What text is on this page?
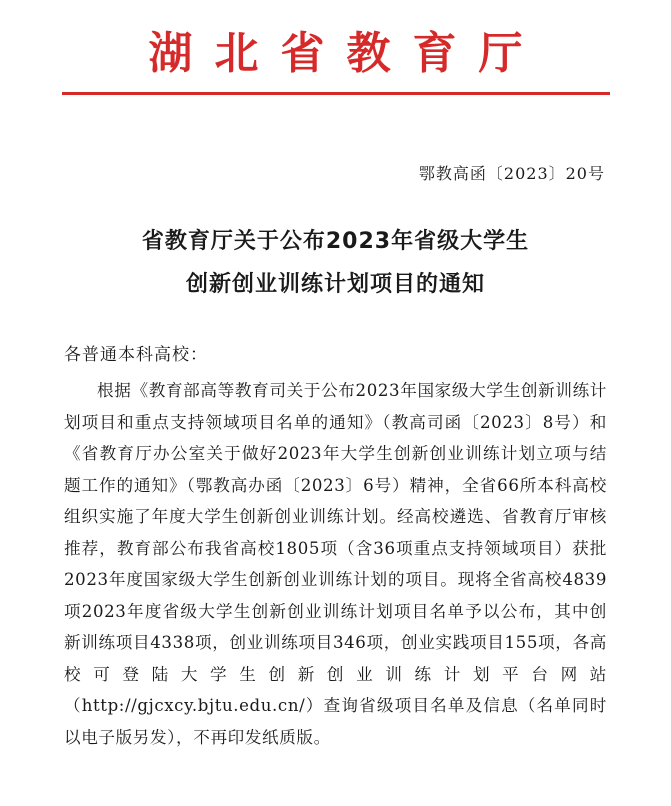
湖北省教育厅
鄂教高函〔2023〕20号
省教育厅关于公布2023年省级大学生
创新创业训练计划项目的通知
各普通本科高校：

根据《教育部高等教育司关于公布2023年国家级大学生创新训练计划项目和重点支持领域项目名单的通知》（教高司函〔2023〕8号）和《省教育厅办公室关于做好2023年大学生创新创业训练计划立项与结题工作的通知》（鄂教高办函〔2023〕6号）精神，全省66所本科高校组织实施了年度大学生创新创业训练计划。经高校遴选、省教育厅审核推荐，教育部公布我省高校1805项（含36项重点支持领域项目）获批2023年度国家级大学生创新创业训练计划的项目。现将全省高校4839项2023年度省级大学生创新创业训练计划项目名单予以公布，其中创新训练项目4338项，创业训练项目346项，创业实践项目155项，各高校可登陆大学生创新创业训练计划平台网站（http://gjcxcy.bjtu.edu.cn/）查询省级项目名单及信息（名单同时以电子版另发），不再印发纸质版。
